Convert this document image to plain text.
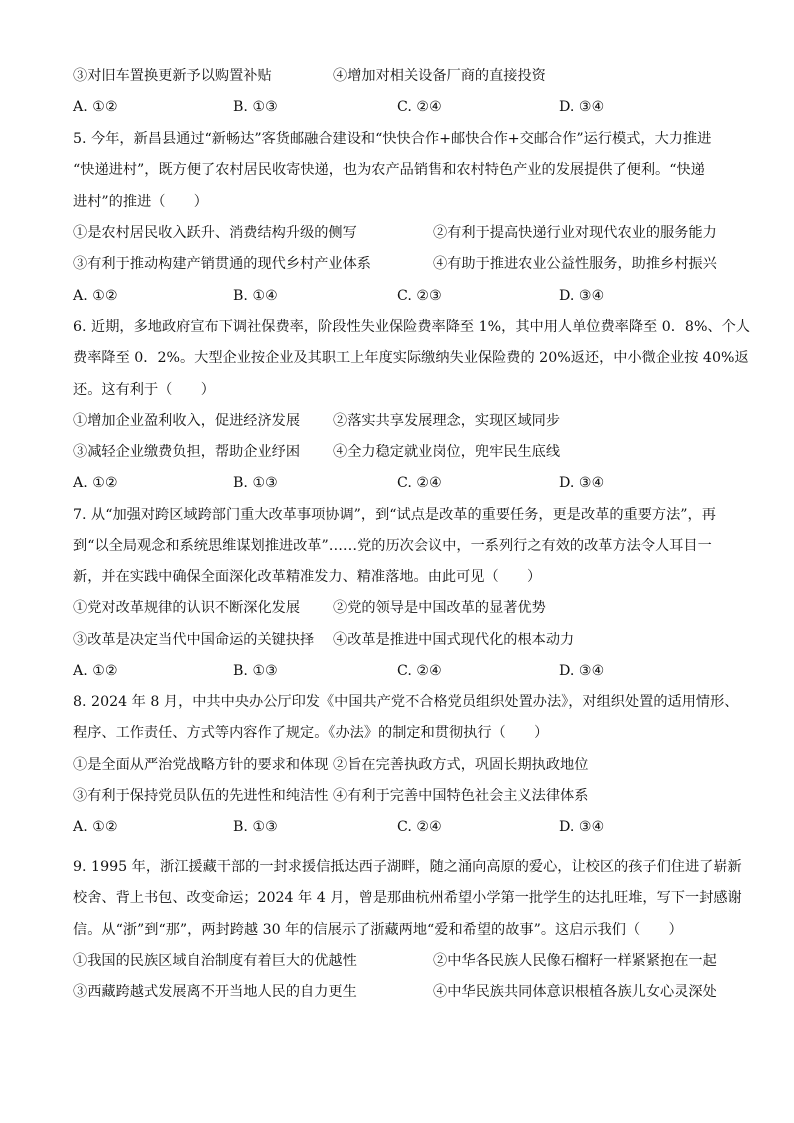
③对旧车置换更新予以购置补贴	④增加对相关设备厂商的直接投资
A. ①②	B. ①③	C. ②④	D. ③④
5. 今年，新昌县通过“新畅达”客货邮融合建设和“快快合作+邮快合作+交邮合作”运行模式，大力推进
“快递进村”，既方便了农村居民收寄快递，也为农产品销售和农村特色产业的发展提供了便利。“快递
进村”的推进（　　）
①是农村居民收入跃升、消费结构升级的侧写	②有利于提高快递行业对现代农业的服务能力
③有利于推动构建产销贯通的现代乡村产业体系	④有助于推进农业公益性服务，助推乡村振兴
A. ①②	B. ①④	C. ②③	D. ③④
6. 近期，多地政府宣布下调社保费率，阶段性失业保险费率降至 1%，其中用人单位费率降至 0．8%、个人
费率降至 0．2%。大型企业按企业及其职工上年度实际缴纳失业保险费的 20%返还，中小微企业按 40%返
还。这有利于（　　）
①增加企业盈利收入，促进经济发展 ②落实共享发展理念，实现区域同步
③减轻企业缴费负担，帮助企业纾困 ④全力稳定就业岗位，兜牢民生底线
A. ①②	B. ①③	C. ②④	D. ③④
7. 从“加强对跨区域跨部门重大改革事项协调”，到“试点是改革的重要任务，更是改革的重要方法”，再
到“以全局观念和系统思维谋划推进改革”……党的历次会议中，一系列行之有效的改革方法令人耳目一
新，并在实践中确保全面深化改革精准发力、精准落地。由此可见（　　）
①党对改革规律的认识不断深化发展 ②党的领导是中国改革的显著优势
③改革是决定当代中国命运的关键抉择 ④改革是推进中国式现代化的根本动力
A. ①②	B. ①③	C. ②④	D. ③④
8. 2024 年 8 月，中共中央办公厅印发《中国共产党不合格党员组织处置办法》，对组织处置的适用情形、
程序、工作责任、方式等内容作了规定。《办法》的制定和贯彻执行（　　）
①是全面从严治党战略方针的要求和体现 ②旨在完善执政方式，巩固长期执政地位
③有利于保持党员队伍的先进性和纯洁性 ④有利于完善中国特色社会主义法律体系
A. ①②	B. ①③	C. ②④	D. ③④
9. 1995 年，浙江援藏干部的一封求援信抵达西子湖畔，随之涌向高原的爱心，让校区的孩子们住进了崭新
校舍、背上书包、改变命运；2024 年 4 月，曾是那曲杭州希望小学第一批学生的达扎旺堆，写下一封感谢
信。从“浙”到“那”，两封跨越 30 年的信展示了浙藏两地“爱和希望的故事”。这启示我们（　　）
①我国的民族区域自治制度有着巨大的优越性	②中华各民族人民像石榴籽一样紧紧抱在一起
③西藏跨越式发展离不开当地人民的自力更生	④中华民族共同体意识根植各族儿女心灵深处
